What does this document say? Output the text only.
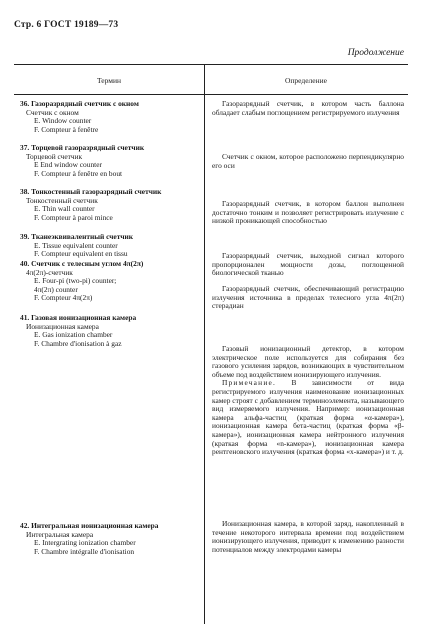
Стр. 6 ГОСТ 19189—73
Продолжение
Термин	Определение
36. Газоразрядный счетчик с окном
Счетчик с окном
E. Window counter
F. Compteur à fenêtre
37. Торцевой газоразрядный счетчик
Торцевой счетчик
E End window counter
F. Compteur à fenêtre en bout
38. Тонкостенный газоразрядный счетчик
Тонкостенный счетчик
E. Thin wall counter
F. Compteur à paroi mince
39. Тканеэквивалентный счетчик
E. Tissue equivalent counter
F. Compteur equivalent en tissu
40. Счетчик с телесным углом 4π(2π)
4π(2π)-счетчик
E. Four-pi (two-pi) counter;
4π(2π) counter
F. Compteur 4π(2π)
41. Газовая ионизационная камера
Ионизационная камера
E. Gas ionization chamber
F. Chambre d'ionisation à gaz
42. Интегральная ионизационная камера
Интегральная камера
E. Intergrating ionization chamber
F. Chambre intégralle d'ionisation

Газоразрядный счетчик, в котором часть баллона обладает слабым поглощением регистрируемого излучения

Счетчик с окном, которое расположено перпендикулярно его оси

Газоразрядный счетчик, в котором баллон выполнен достаточно тонким и позволяет регистрировать излучение с низкой проникающей способностью

Газоразрядный счетчик, выходной сигнал которого пропорционален мощности дозы, поглощенной биологической тканью

Газоразрядный счетчик, обеспечивающий регистрацию излучения источника в пределах телесного угла 4π(2π) стерадиан

Газовый ионизационный детектор, в котором электрическое поле используется для собирания без газового усиления зарядов, возникающих в чувствительном объеме под воздействием ионизирующего излучения.

Примечание. В зависимости от вида регистрируемого излучения наименование ионизационных камер строят с добавлением терминоэлемента, называющего вид измеряемого излучения. Например: ионизационная камера альфа-частиц (краткая форма «α-камера»), ионизационная камера бета-частиц (краткая форма «β-камера»), ионизационная камера нейтронного излучения (краткая форма «n-камера»), ионизационная камера рентгеновского излучения (краткая форма «x-камера») и т. д.

Ионизационная камера, в которой заряд, накопленный в течение некоторого интервала времени под воздействием ионизирующего излучения, приводит к изменению разности потенциалов между электродами камеры
